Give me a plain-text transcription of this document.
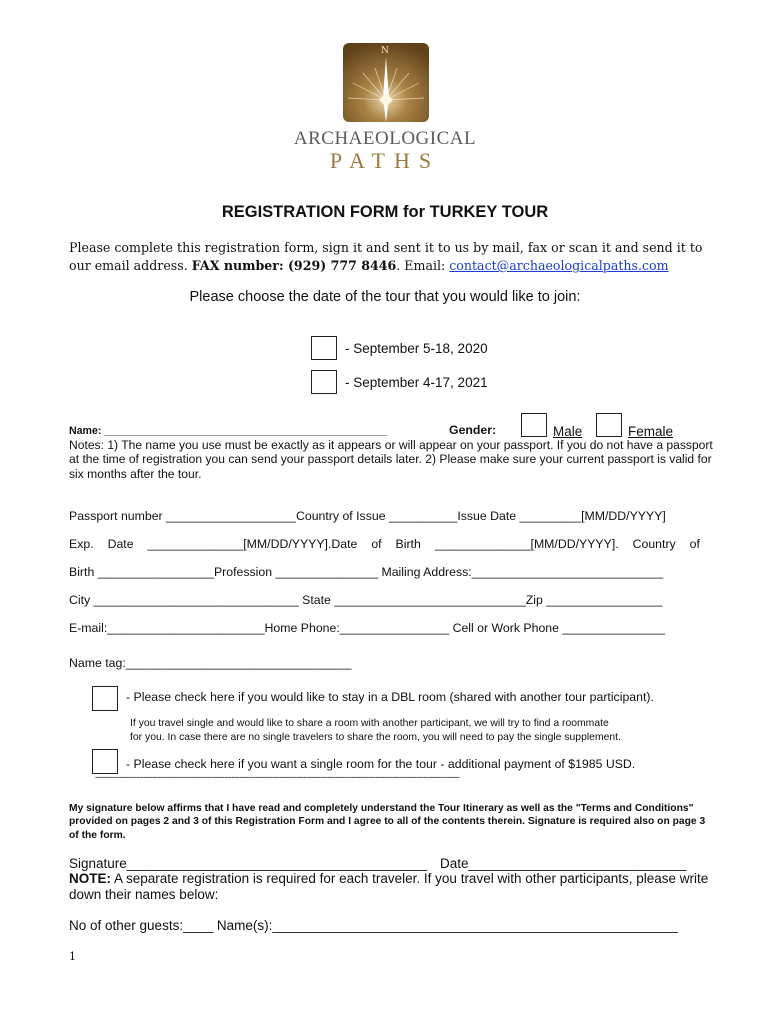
N
ARCHAEOLOGICAL
PATHS
REGISTRATION FORM for TURKEY TOUR
Please complete this registration form, sign it and sent it to us by mail, fax or scan it and send it to our email address. FAX number: (929) 777 8446. Email: contact@archaeologicalpaths.com
Please choose the date of the tour that you would like to join:
- September 5-18, 2020
- September 4-17, 2021
Name: ________________________________________________	Gender:	Male	Female
Notes: 1) The name you use must be exactly as it appears or will appear on your passport. If you do not have a passport at the time of registration you can send your passport details later. 2) Please make sure your current passport is valid for six months after the tour.
Passport number ___________________Country of Issue __________Issue Date _________[MM/DD/YYYY]
Exp. Date ______________[MM/DD/YYYY].Date of Birth ______________[MM/DD/YYYY]. Country of
Birth _________________Profession _______________ Mailing Address:____________________________
City ______________________________ State ____________________________Zip _________________
E-mail:_______________________Home Phone:________________ Cell or Work Phone _______________
Name tag:_________________________________
- Please check here if you would like to stay in a DBL room (shared with another tour participant).
If you travel single and would like to share a room with another participant, we will try to find a roommate
for you. In case there are no single travelers to share the room, you will need to pay the single supplement.
- Please check here if you want a single room for the tour - additional payment of $1985 USD.
--------------------------------------------------------------------------------------------------------------------------------------------------------
My signature below affirms that I have read and completely understand the Tour Itinerary as well as the "Terms and Conditions" provided on pages 2 and 3 of this Registration Form and I agree to all of the contents therein. Signature is required also on page 3 of the form.
Signature________________________________________ Date_____________________________
NOTE: A separate registration is required for each traveler. If you travel with other participants, please write down their names below:
No of other guests:____ Name(s):______________________________________________________
1
